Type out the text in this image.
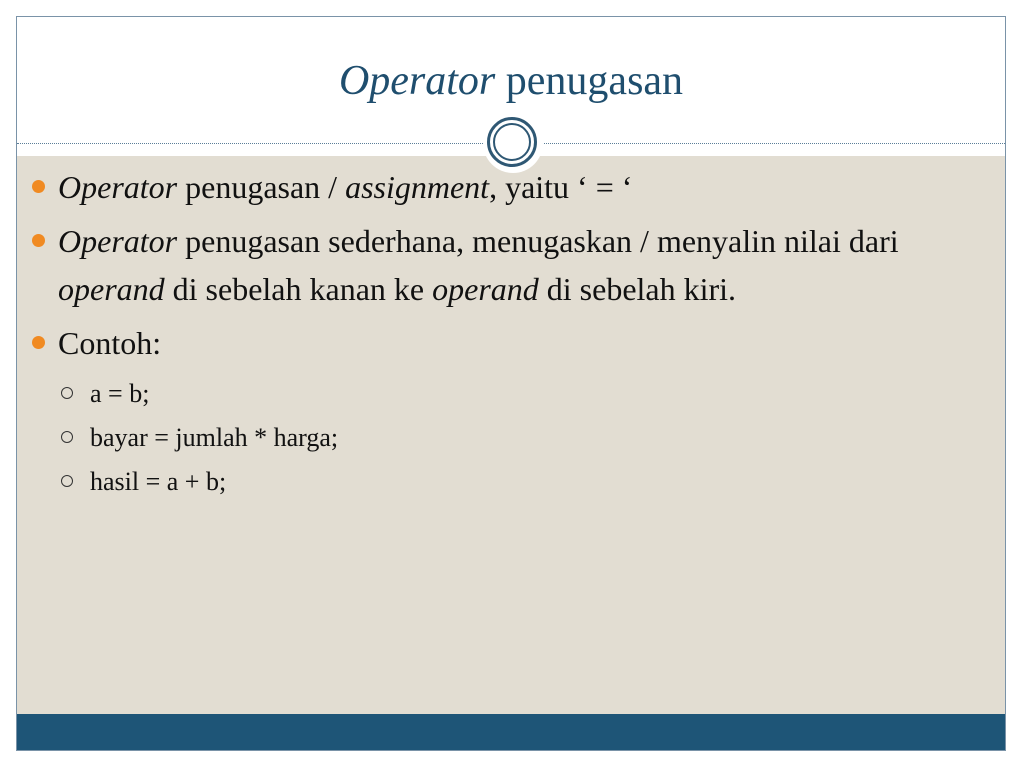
Operator penugasan
Operator penugasan / assignment, yaitu ‘ = ‘
Operator penugasan sederhana, menugaskan / menyalin nilai dari operand di sebelah kanan ke operand di sebelah kiri.
Contoh:
a = b;
bayar = jumlah * harga;
hasil = a + b;
